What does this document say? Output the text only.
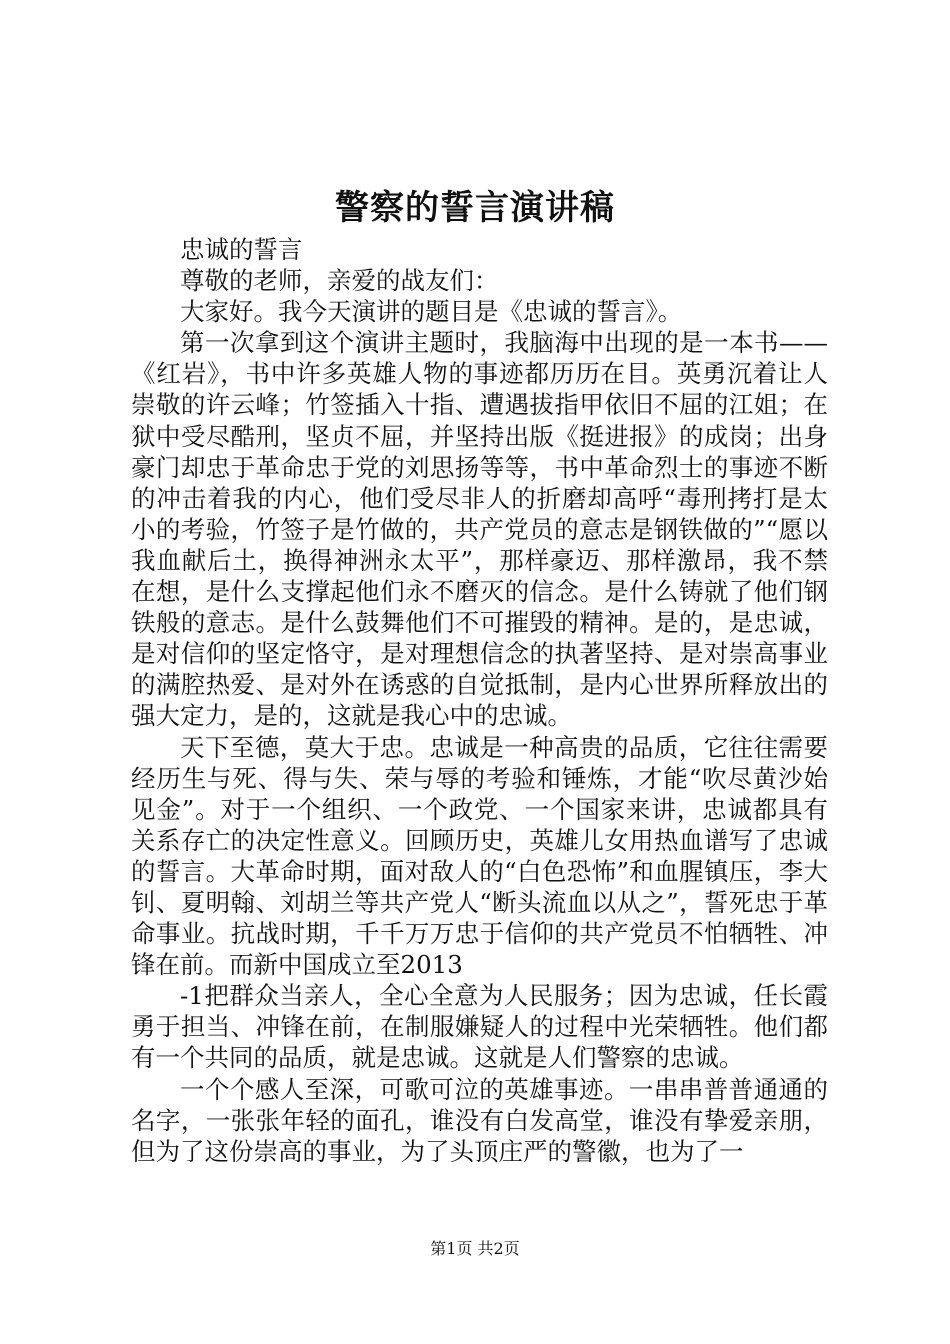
警察的誓言演讲稿

忠诚的誓言

尊敬的老师，亲爱的战友们：

大家好。我今天演讲的题目是《忠诚的誓言》。

第一次拿到这个演讲主题时，我脑海中出现的是一本书——《红岩》，书中许多英雄人物的事迹都历历在目。英勇沉着让人崇敬的许云峰；竹签插入十指、遭遇拔指甲依旧不屈的江姐；在狱中受尽酷刑，坚贞不屈，并坚持出版《挺进报》的成岗；出身豪门却忠于革命忠于党的刘思扬等等，书中革命烈士的事迹不断的冲击着我的内心，他们受尽非人的折磨却高呼“毒刑拷打是太小的考验，竹签子是竹做的，共产党员的意志是钢铁做的”“愿以我血献后土，换得神洲永太平”，那样豪迈、那样激昂，我不禁在想，是什么支撑起他们永不磨灭的信念。是什么铸就了他们钢铁般的意志。是什么鼓舞他们不可摧毁的精神。是的，是忠诚，是对信仰的坚定恪守，是对理想信念的执著坚持、是对崇高事业的满腔热爱、是对外在诱惑的自觉抵制，是内心世界所释放出的强大定力，是的，这就是我心中的忠诚。

天下至德，莫大于忠。忠诚是一种高贵的品质，它往往需要经历生与死、得与失、荣与辱的考验和锤炼，才能“吹尽黄沙始见金”。对于一个组织、一个政党、一个国家来讲，忠诚都具有关系存亡的决定性意义。回顾历史，英雄儿女用热血谱写了忠诚的誓言。大革命时期，面对敌人的“白色恐怖”和血腥镇压，李大钊、夏明翰、刘胡兰等共产党人“断头流血以从之”，誓死忠于革命事业。抗战时期，千千万万忠于信仰的共产党员不怕牺牲、冲锋在前。而新中国成立至2013

-1把群众当亲人，全心全意为人民服务；因为忠诚，任长霞勇于担当、冲锋在前，在制服嫌疑人的过程中光荣牺牲。他们都有一个共同的品质，就是忠诚。这就是人们警察的忠诚。

一个个感人至深，可歌可泣的英雄事迹。一串串普普通通的名字，一张张年轻的面孔，谁没有白发高堂，谁没有挚爱亲朋，但为了这份崇高的事业，为了头顶庄严的警徽，也为了一

第1页 共2页
